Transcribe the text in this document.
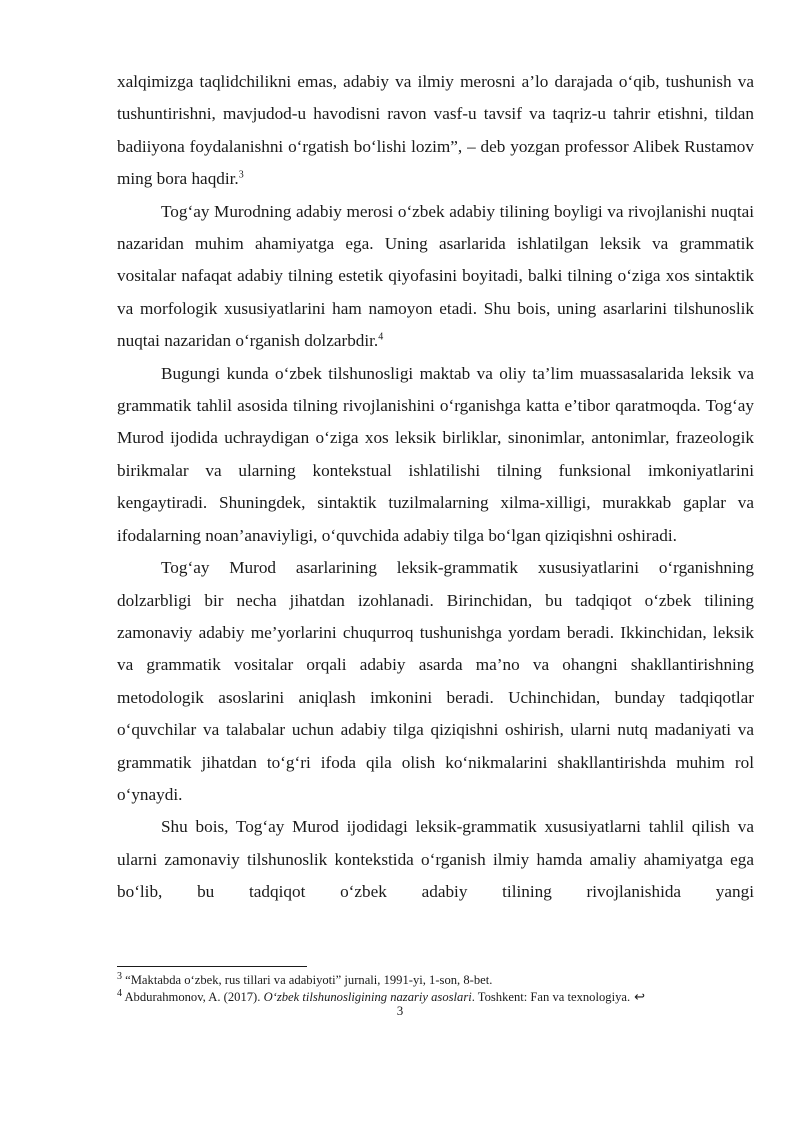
xalqimizga taqlidchilikni emas, adabiy va ilmiy merosni a’lo darajada o‘qib, tushunish va tushuntirishni, mavjudod-u havodisni ravon vasf-u tavsif va taqriz-u tahrir etishni, tildan badiiyona foydalanishni o‘rgatish bo‘lishi lozim”, – deb yozgan professor Alibek Rustamov ming bora haqdir.$^3$

Tog‘ay Murodning adabiy merosi o‘zbek adabiy tilining boyligi va rivojlanishi nuqtai nazaridan muhim ahamiyatga ega. Uning asarlarida ishlatilgan leksik va grammatik vositalar nafaqat adabiy tilning estetik qiyofasini boyitadi, balki tilning o‘ziga xos sintaktik va morfologik xususiyatlarini ham namoyon etadi. Shu bois, uning asarlarini tilshunoslik nuqtai nazaridan o‘rganish dolzarbdir.$^4$

Bugungi kunda o‘zbek tilshunosligi maktab va oliy ta’lim muassasalarida leksik va grammatik tahlil asosida tilning rivojlanishini o‘rganishga katta e’tibor qaratmoqda. Tog‘ay Murod ijodida uchraydigan o‘ziga xos leksik birliklar, sinonimlar, antonimlar, frazeologik birikmalar va ularning kontekstual ishlatilishi tilning funksional imkoniyatlarini kengaytiradi. Shuningdek, sintaktik tuzilmalarning xilma-xilligi, murakkab gaplar va ifodalarning noan’anaviyligi, o‘quvchida adabiy tilga bo‘lgan qiziqishni oshiradi.

Tog‘ay Murod asarlarining leksik-grammatik xususiyatlarini o‘rganishning dolzarbligi bir necha jihatdan izohlanadi. Birinchidan, bu tadqiqot o‘zbek tilining zamonaviy adabiy me’yorlarini chuqurroq tushunishga yordam beradi. Ikkinchidan, leksik va grammatik vositalar orqali adabiy asarda ma’no va ohangni shakllantirishning metodologik asoslarini aniqlash imkonini beradi. Uchinchidan, bunday tadqiqotlar o‘quvchilar va talabalar uchun adabiy tilga qiziqishni oshirish, ularni nutq madaniyati va grammatik jihatdan to‘g‘ri ifoda qila olish ko‘nikmalarini shakllantirishda muhim rol o‘ynaydi.

Shu bois, Tog‘ay Murod ijodidagi leksik-grammatik xususiyatlarni tahlil qilish va ularni zamonaviy tilshunoslik kontekstida o‘rganish ilmiy hamda amaliy ahamiyatga ega bo‘lib, bu tadqiqot o‘zbek adabiy tilining rivojlanishida yangi

$^3$ “Maktabda o‘zbek, rus tillari va adabiyoti” jurnali, 1991-yi, 1-son, 8-bet.

$^4$ Abdurahmonov, A. (2017). O‘zbek tilshunosligining nazariy asoslari. Toshkent: Fan va texnologiya. ↩

3
